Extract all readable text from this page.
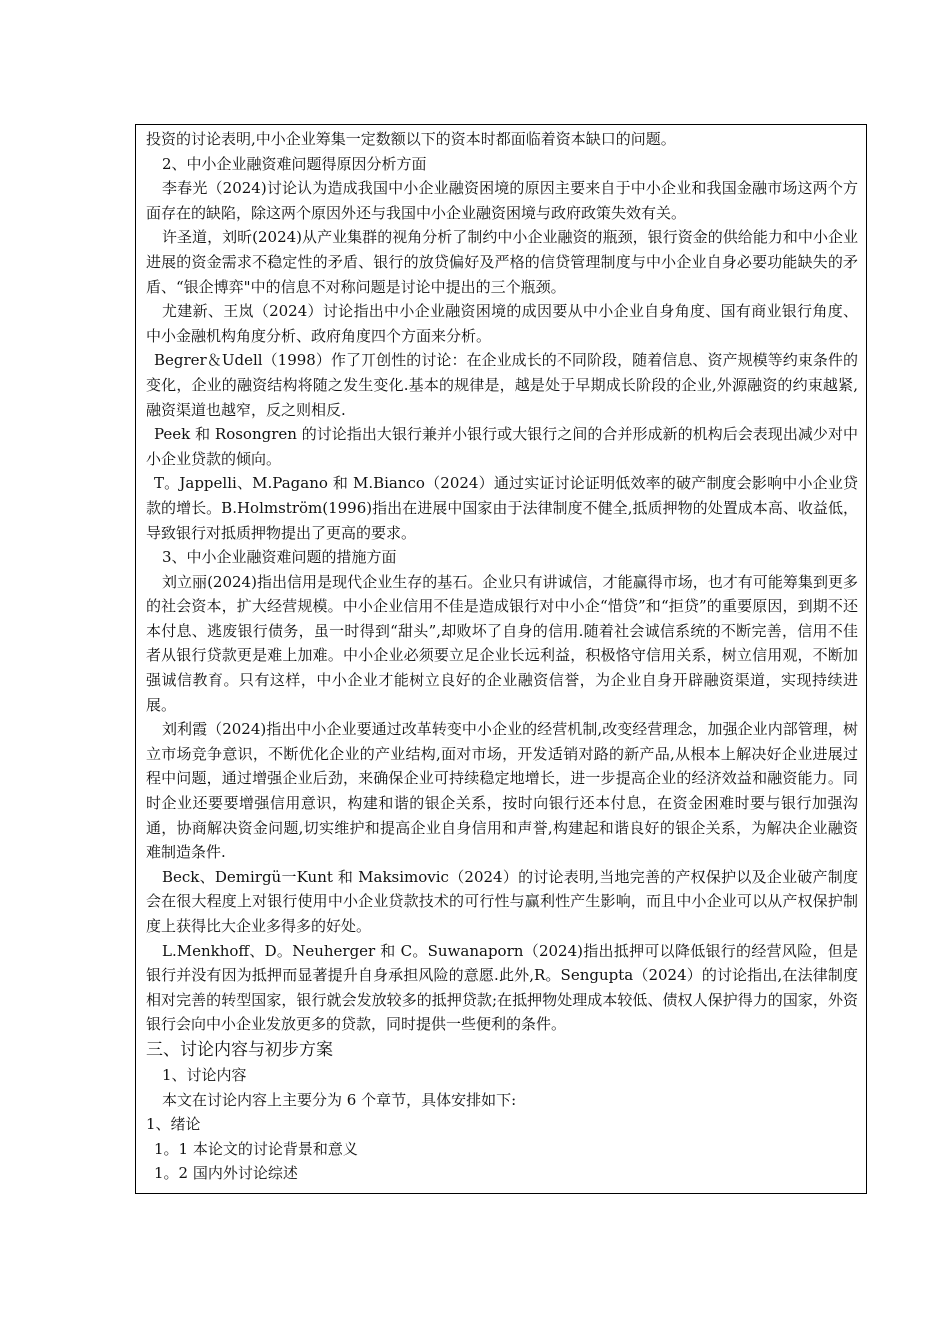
投资的讨论表明,中小企业筹集一定数额以下的资本时都面临着资本缺口的问题。

2、中小企业融资难问题得原因分析方面

李春光（2024)讨论认为造成我国中小企业融资困境的原因主要来自于中小企业和我国金融市场这两个方面存在的缺陷，除这两个原因外还与我国中小企业融资困境与政府政策失效有关。

许圣道，刘昕(2024)从产业集群的视角分析了制约中小企业融资的瓶颈，银行资金的供给能力和中小企业进展的资金需求不稳定性的矛盾、银行的放贷偏好及严格的信贷管理制度与中小企业自身必要功能缺失的矛盾、“银企博弈"中的信息不对称问题是讨论中提出的三个瓶颈。

尤建新、王岚（2024）讨论指出中小企业融资困境的成因要从中小企业自身角度、国有商业银行角度、中小金融机构角度分析、政府角度四个方面来分析。

Begrer＆Udell（1998）作了丌创性的讨论：在企业成长的不同阶段，随着信息、资产规模等约束条件的变化，企业的融资结构将随之发生变化.基本的规律是，越是处于早期成长阶段的企业,外源融资的约束越紧,融资渠道也越窄，反之则相反.

Peek 和 Rosongren 的讨论指出大银行兼并小银行或大银行之间的合并形成新的机构后会表现出减少对中小企业贷款的倾向。

T。Jappelli、M.Pagano 和 M.Bianco（2024）通过实证讨论证明低效率的破产制度会影响中小企业贷款的增长。B.Holmström(1996)指出在进展中国家由于法律制度不健全,抵质押物的处置成本高、收益低，导致银行对抵质押物提出了更高的要求。

3、中小企业融资难问题的措施方面

刘立丽(2024)指出信用是现代企业生存的基石。企业只有讲诚信，才能赢得市场，也才有可能筹集到更多的社会资本，扩大经营规模。中小企业信用不佳是造成银行对中小企“惜贷”和“拒贷”的重要原因，到期不还本付息、逃废银行债务，虽一时得到“甜头”,却败坏了自身的信用.随着社会诚信系统的不断完善，信用不佳者从银行贷款更是难上加难。中小企业必须要立足企业长远利益，积极恪守信用关系，树立信用观，不断加强诚信教育。只有这样，中小企业才能树立良好的企业融资信誉，为企业自身开辟融资渠道，实现持续进展。

刘利霞（2024)指出中小企业要通过改革转变中小企业的经营机制,改变经营理念，加强企业内部管理，树立市场竞争意识，不断优化企业的产业结构,面对市场，开发适销对路的新产品,从根本上解决好企业进展过程中问题，通过增强企业后劲，来确保企业可持续稳定地增长，进一步提高企业的经济效益和融资能力。同时企业还要要增强信用意识，构建和谐的银企关系，按时向银行还本付息，在资金困难时要与银行加强沟通，协商解决资金问题,切实维护和提高企业自身信用和声誉,构建起和谐良好的银企关系，为解决企业融资难制造条件.

Beck、Demirgü一Kunt 和 Maksimovic（2024）的讨论表明,当地完善的产权保护以及企业破产制度会在很大程度上对银行使用中小企业贷款技术的可行性与赢利性产生影响，而且中小企业可以从产权保护制度上获得比大企业多得多的好处。

L.Menkhoff、D。Neuherger 和 C。Suwanaporn（2024)指出抵押可以降低银行的经营风险，但是银行并没有因为抵押而显著提升自身承担风险的意愿.此外,R。Sengupta（2024）的讨论指出,在法律制度相对完善的转型国家，银行就会发放较多的抵押贷款;在抵押物处理成本较低、债权人保护得力的国家，外资银行会向中小企业发放更多的贷款，同时提供一些便利的条件。

三、讨论内容与初步方案

1、讨论内容

本文在讨论内容上主要分为 6 个章节，具体安排如下:

1、绪论

1。1 本论文的讨论背景和意义

1。2 国内外讨论综述
